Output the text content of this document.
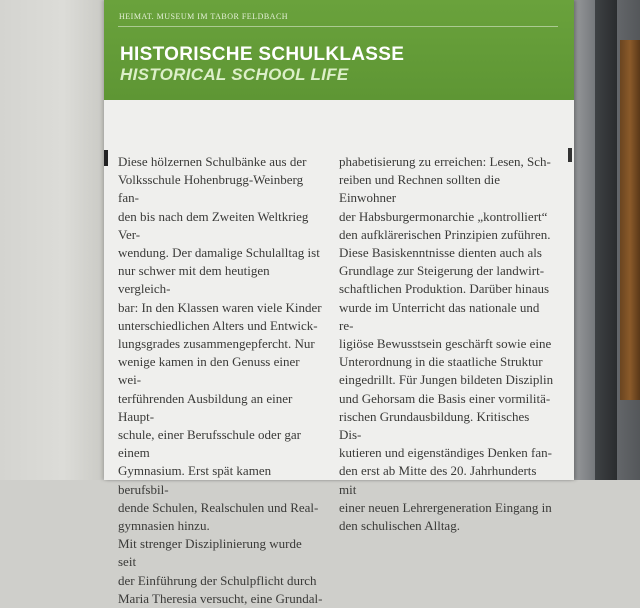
HEIMAT. MUSEUM IM TABOR FELDBACH
HISTORISCHE SCHULKLASSE
HISTORICAL SCHOOL LIFE

Diese hölzernen Schulbänke aus der
Volksschule Hohenbrugg-Weinberg fan-
den bis nach dem Zweiten Weltkrieg Ver-
wendung. Der damalige Schulalltag ist
nur schwer mit dem heutigen vergleich-
bar: In den Klassen waren viele Kinder
unterschiedlichen Alters und Entwick-
lungsgrades zusammengepfercht. Nur
wenige kamen in den Genuss einer wei-
terführenden Ausbildung an einer Haupt-
schule, einer Berufsschule oder gar einem
Gymnasium. Erst spät kamen berufsbil-
dende Schulen, Realschulen und Real-
gymnasien hinzu.
Mit strenger Disziplinierung wurde seit
der Einführung der Schulpflicht durch
Maria Theresia versucht, eine Grundal-

phabetisierung zu erreichen: Lesen, Sch-
reiben und Rechnen sollten die Einwohner
der Habsburgermonarchie „kontrolliert“
den aufklärerischen Prinzipien zuführen.
Diese Basiskenntnisse dienten auch als
Grundlage zur Steigerung der landwirt-
schaftlichen Produktion. Darüber hinaus
wurde im Unterricht das nationale und re-
ligiöse Bewusstsein geschärft sowie eine
Unterordnung in die staatliche Struktur
eingedrillt. Für Jungen bildeten Disziplin
und Gehorsam die Basis einer vormilitä-
rischen Grundausbildung. Kritisches Dis-
kutieren und eigenständiges Denken fan-
den erst ab Mitte des 20. Jahrhunderts mit
einer neuen Lehrergeneration Eingang in
den schulischen Alltag.
